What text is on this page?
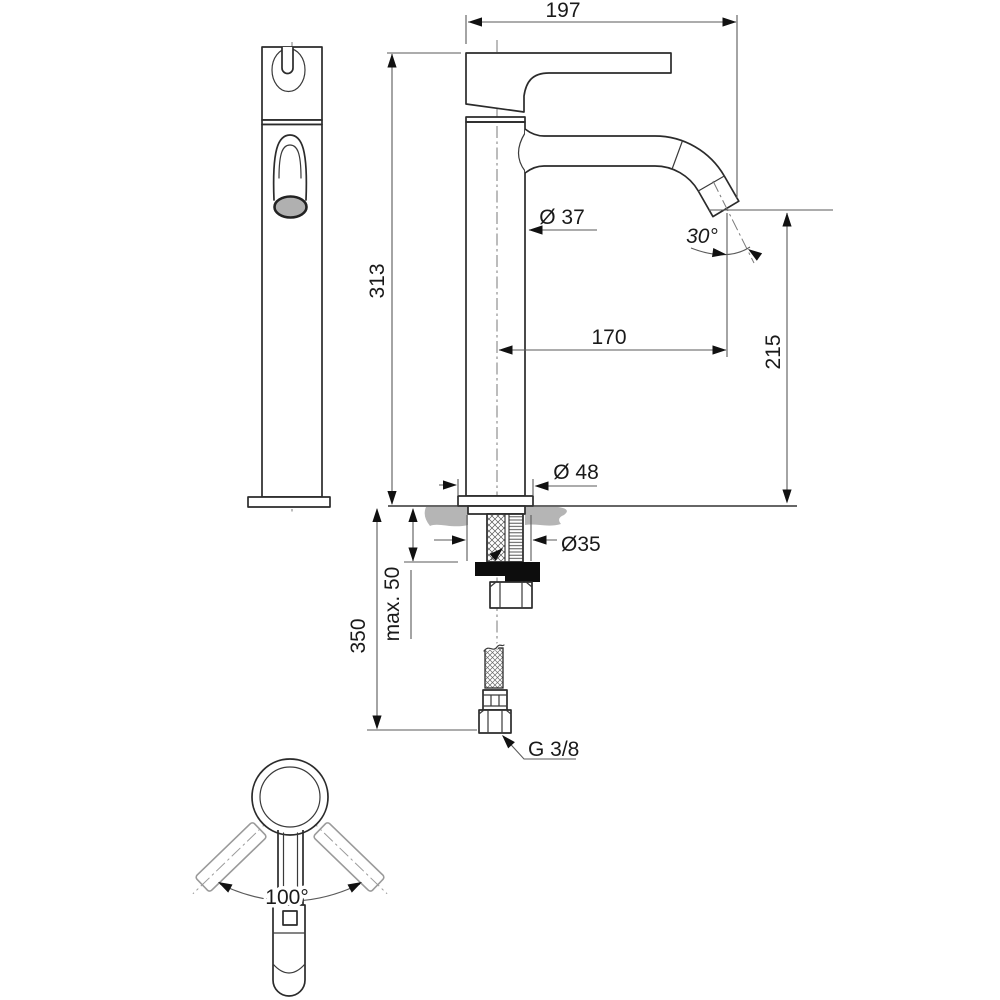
G 3/8
197
313
Ø 37
30°
170	215
Ø 48
Ø35
max. 50
350
100°
